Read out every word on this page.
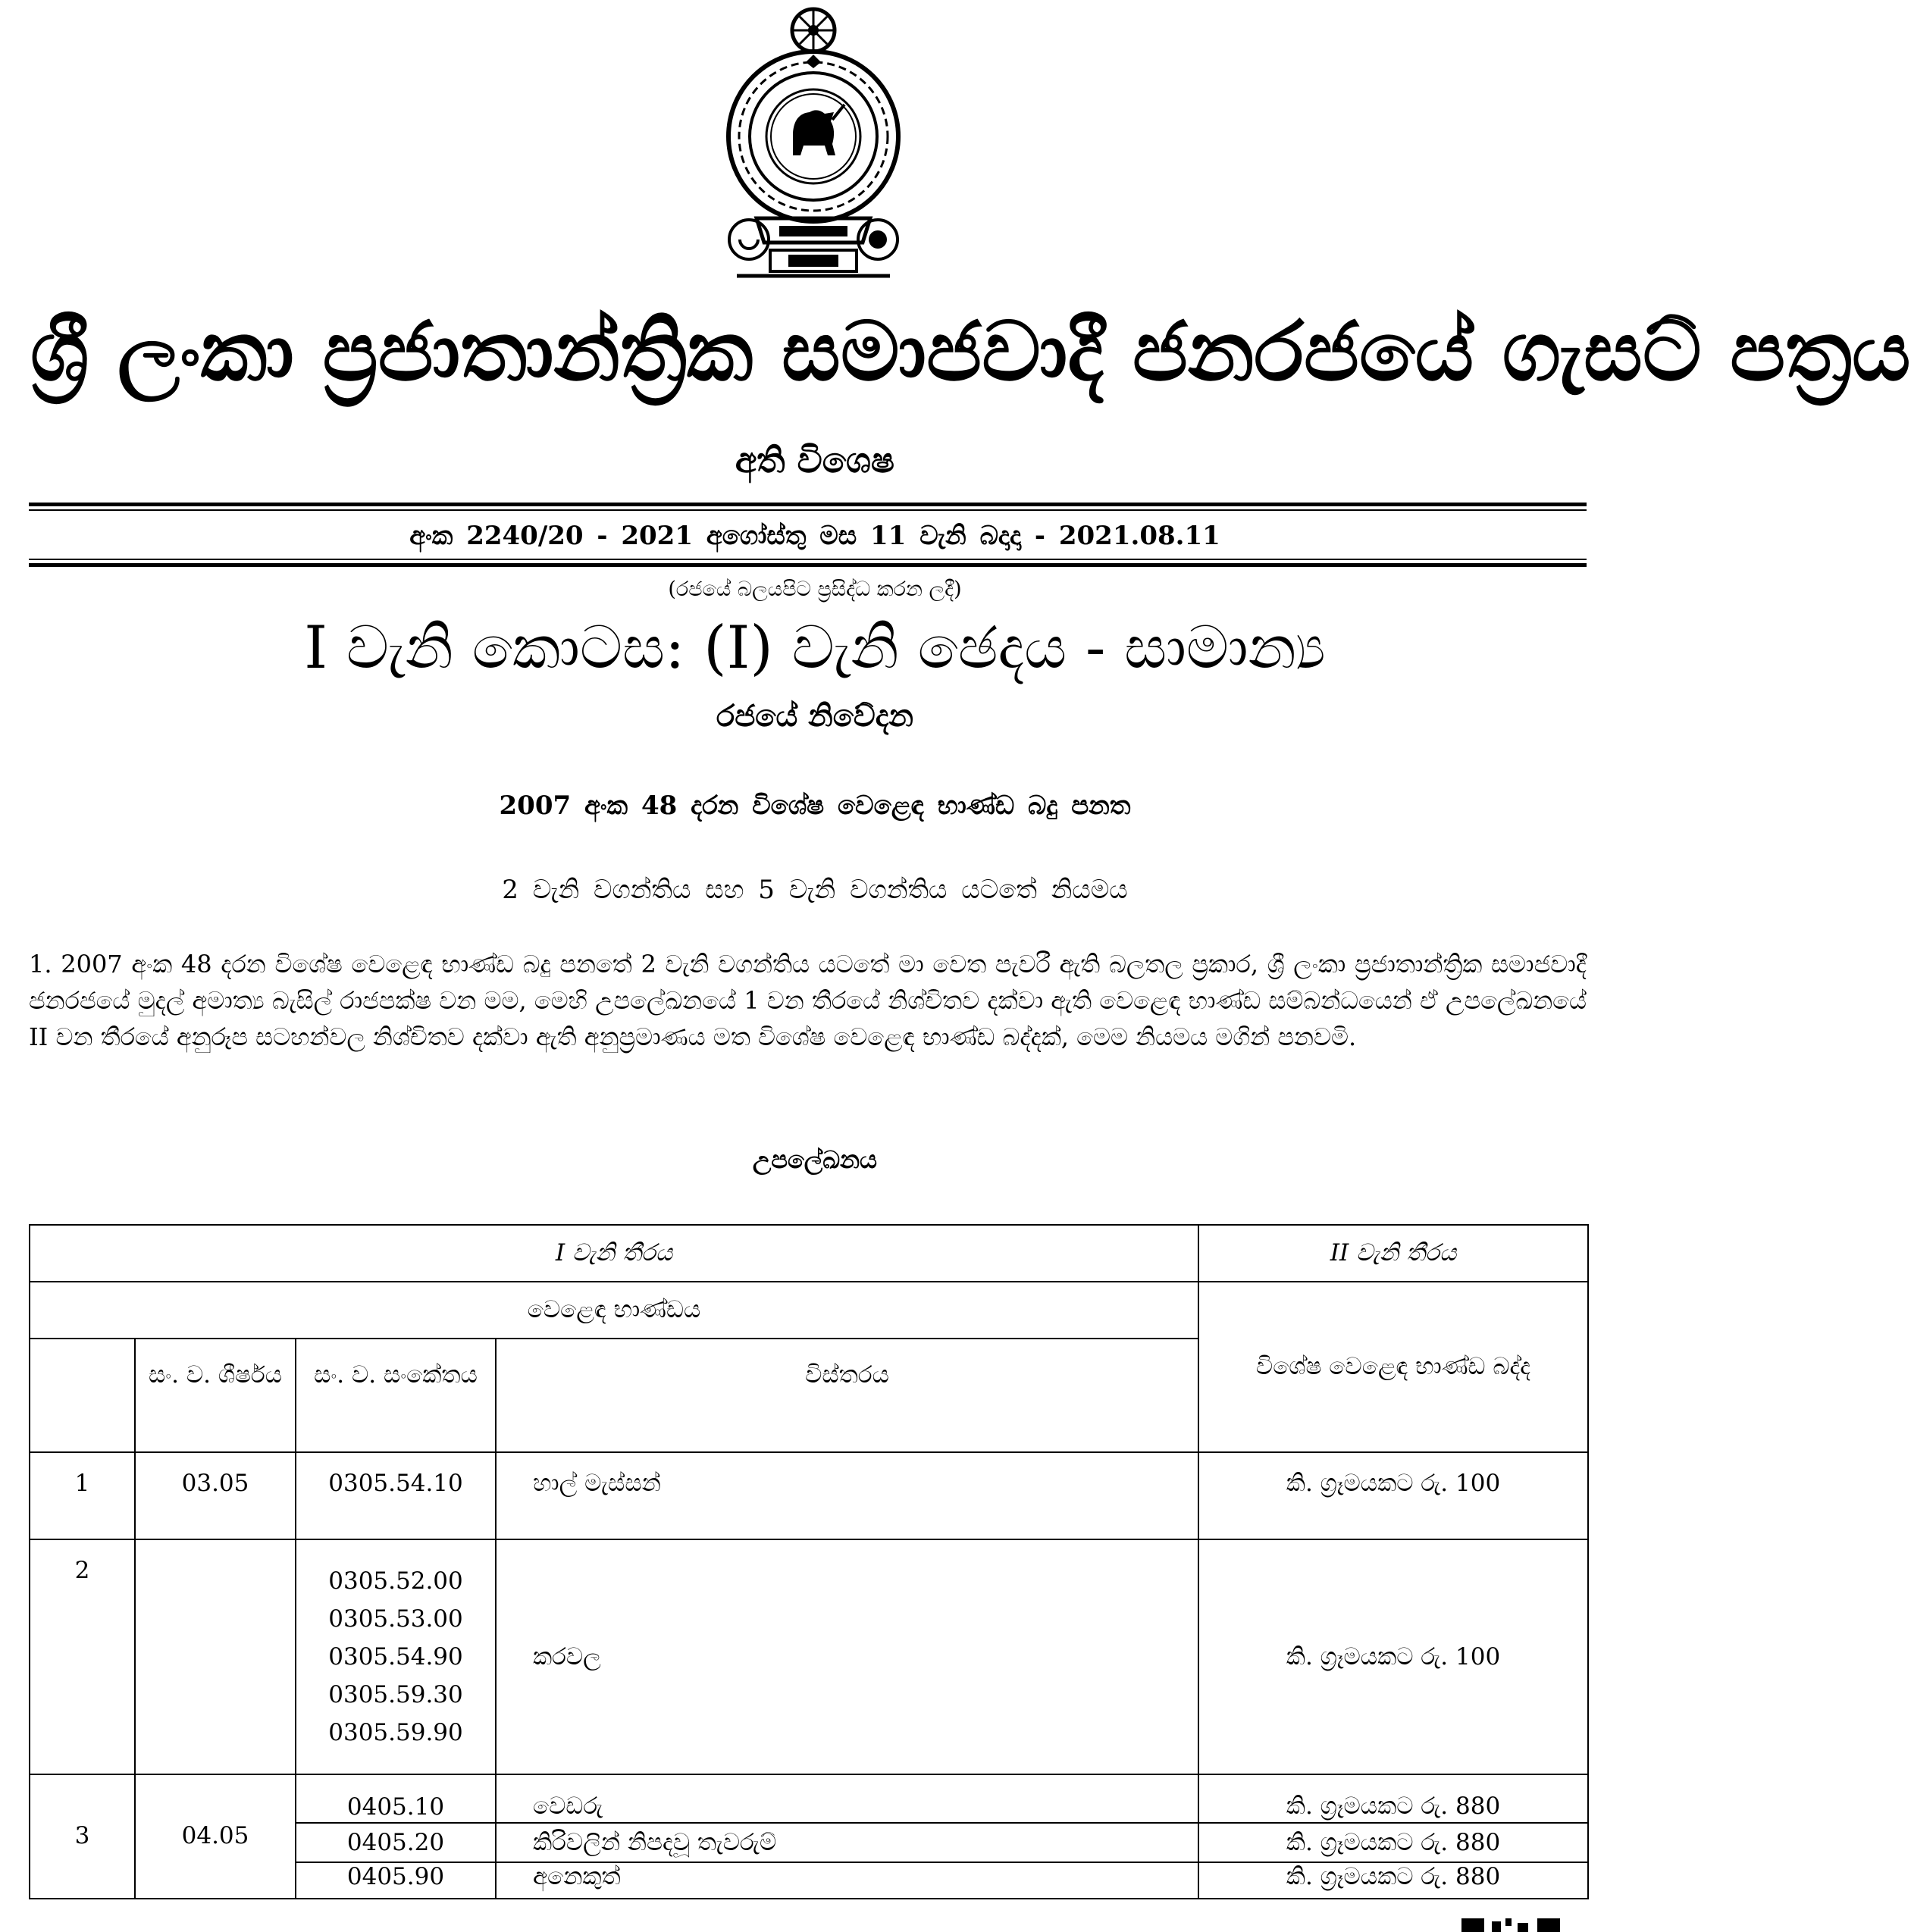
ශ්‍රී ලංකා ප්‍රජාතාන්ත්‍රික සමාජවාදී ජනරජයේ ගැසට් පත්‍රය
අති විශෙෂ
අංක 2240/20 - 2021 අගෝස්තු මස 11 වැනි බදාදා - 2021.08.11
(රජයේ බලයපිට ප්‍රසිද්ධ කරන ලදී)
I වැනි කොටස: (I) වැනි ඡෙදය - සාමාන්‍ය
රජයේ නිවේදන
2007 අංක 48 දරන විශේෂ වෙළෙඳ භාණ්ඩ බදු පනත
2 වැනි වගන්තිය සහ 5 වැනි වගන්තිය යටතේ නියමය
1. 2007 අංක 48 දරන විශේෂ වෙළෙඳ භාණ්ඩ බදු පනතේ 2 වැනි වගන්තිය යටතේ මා වෙත පැවරී ඇති බලතල ප්‍රකාර, ශ්‍රී ලංකා ප්‍රජාතාන්ත්‍රික සමාජවාදී ජනරජයේ මුදල් අමාත්‍ය බැසිල් රාජපක්ෂ වන මම, මෙහි උපලේඛනයේ 1 වන තීරයේ නිශ්චිතව දක්වා ඇති වෙළෙඳ භාණ්ඩ සම්බන්ධයෙන් ඒ උපලේඛනයේ II වන තීරයේ අනුරූප සටහන්වල නිශ්චිතව දක්වා ඇති අනුප්‍රමාණය මත විශේෂ වෙළෙඳ භාණ්ඩ බද්දක්, මෙම නියමය මගින් පනවමි.
උපලේඛනය
I වැනි තීරය				II වැනි තීරය
වෙළෙඳ භාණ්ඩය				විශේෂ වෙළෙඳ භාණ්ඩ බද්ද
	සං. ව. ශීර්ෂය	සං. ව. සංකේතය	විස්තරය	
1	03.05	0305.54.10	හාල් මැස්සන්	කි. ග්‍රෑමයකට රු. 100
2		0305.52.00
0305.53.00
0305.54.90
0305.59.30
0305.59.90	කරවල	කි. ග්‍රෑමයකට රු. 100
3	04.05	0405.10	වෙඩරු	කි. ග්‍රෑමයකට රු. 880
		0405.20	කිරිවලින් නිපදවූ තැවරුම්	කි. ග්‍රෑමයකට රු. 880
		0405.90	අනෙකුත්	කි. ග්‍රෑමයකට රු. 880
